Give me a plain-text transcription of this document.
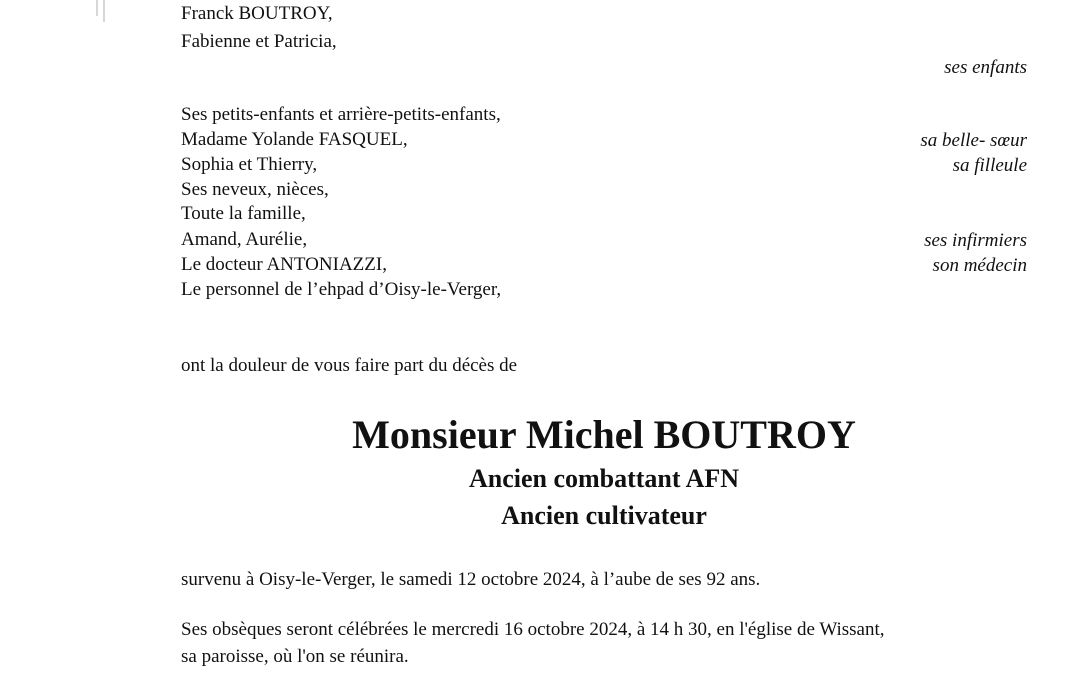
Franck BOUTROY,
Fabienne et Patricia,
ses enfants
Ses petits-enfants et arrière-petits-enfants,
Madame Yolande FASQUEL,	sa belle- sœur
Sophia et Thierry,	sa filleule
Ses neveux, nièces,
Toute la famille,
Amand, Aurélie,	ses infirmiers
Le docteur ANTONIAZZI,	son médecin
Le personnel de l’ehpad d’Oisy-le-Verger,
ont la douleur de vous faire part du décès de
Monsieur Michel BOUTROY
Ancien combattant AFN
Ancien cultivateur
survenu à Oisy-le-Verger, le samedi 12 octobre 2024, à l’aube de ses 92 ans.
Ses obsèques seront célébrées le mercredi 16 octobre 2024, à 14 h 30, en l'église de Wissant,
sa paroisse, où l'on se réunira.
